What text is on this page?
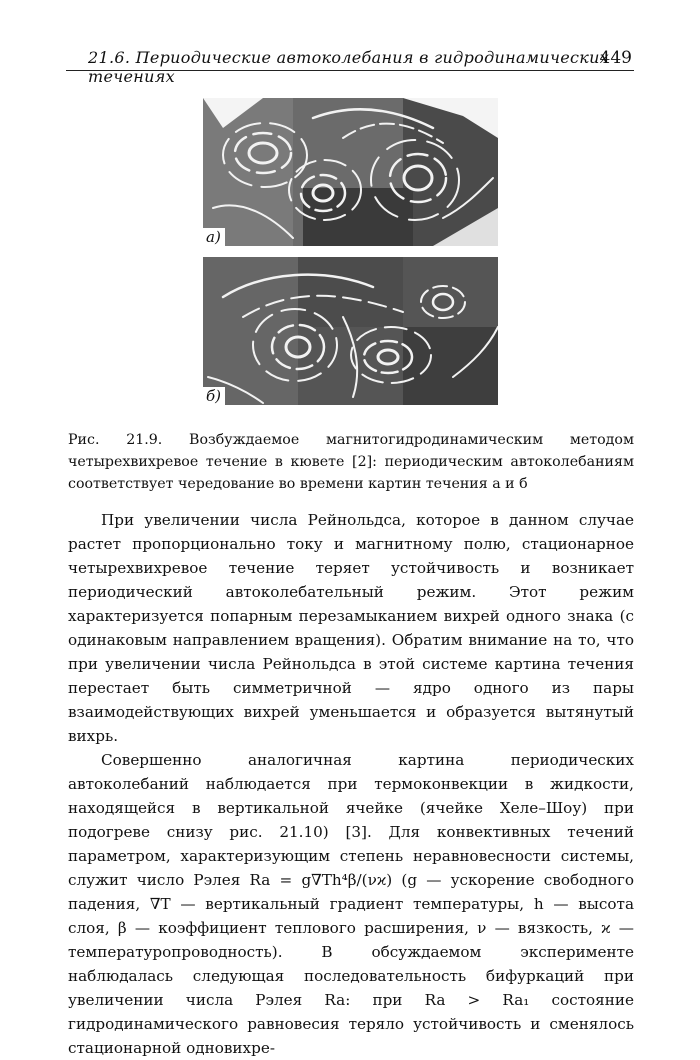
21.6. Периодические автоколебания в гидродинамических течениях
449
а)
б)

Рис. 21.9. Возбуждаемое магнитогидродинамическим методом четырехвихревое течение в кювете [2]: периодическим автоколебаниям соответствует чередование во времени картин течения а и б

При увеличении числа Рейнольдса, которое в данном случае растет пропорционально току и магнитному полю, стационарное четырехвихревое течение теряет устойчивость и возникает периодический автоколебательный режим. Этот режим характеризуется попарным перезамыканием вихрей одного знака (с одинаковым направлением вращения). Обратим внимание на то, что при увеличении числа Рейнольдса в этой системе картина течения перестает быть симметричной — ядро одного из пары взаимодействующих вихрей уменьшается и образуется вытянутый вихрь.

Совершенно аналогичная картина периодических автоколебаний наблюдается при термоконвекции в жидкости, находящейся в вертикальной ячейке (ячейке Хеле–Шоу) при подогреве снизу рис. 21.10) [3]. Для конвективных течений параметром, характеризующим степень неравновесности системы, служит число Рэлея Ra = g∇Th⁴β/(νϰ) (g — ускорение свободного падения, ∇T — вертикальный градиент температуры, h — высота слоя, β — коэффициент теплового расширения, ν — вязкость, ϰ — температуропроводность). В обсуждаемом эксперименте наблюдалась следующая последовательность бифуркаций при увеличении числа Рэлея Ra: при Ra > Ra₁ состояние гидродинамического равновесия теряло устойчивость и сменялось стационарной одновихре-
